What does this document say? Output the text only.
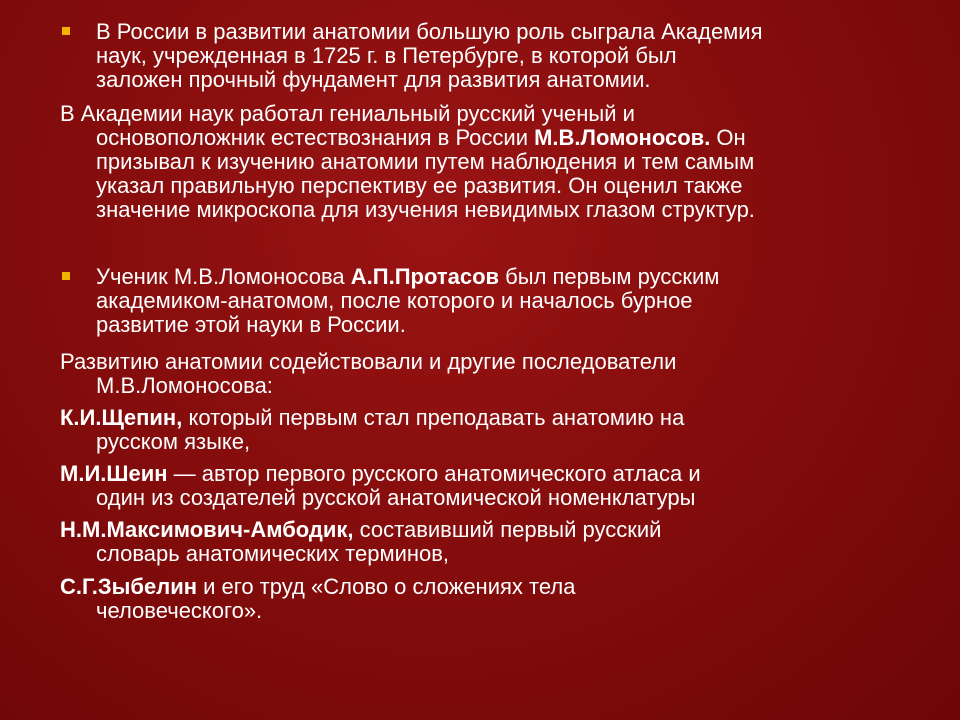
В России в развитии анатомии большую роль сыграла Академия
наук, учрежденная в 1725 г. в Петербурге, в которой был
заложен прочный фундамент для развития анатомии.
В Академии наук работал гениальный русский ученый и
основоположник естествознания в России М.В.Ломоносов. Он
призывал к изучению анатомии путем наблюдения и тем самым
указал правильную перспективу ее развития. Он оценил также
значение микроскопа для изучения невидимых глазом структур.
Ученик М.В.Ломоносова А.П.Протасов был первым русским
академиком-анатомом, после которого и началось бурное
развитие этой науки в России.
Развитию анатомии содействовали и другие последователи
М.В.Ломоносова:
К.И.Щепин, который первым стал преподавать анатомию на
русском языке,
М.И.Шеин — автор первого русского анатомического атласа и
один из создателей русской анатомической номенклатуры
Н.М.Максимович-Амбодик, составивший первый русский
словарь анатомических терминов,
С.Г.Зыбелин и его труд «Слово о сложениях тела
человеческого».
